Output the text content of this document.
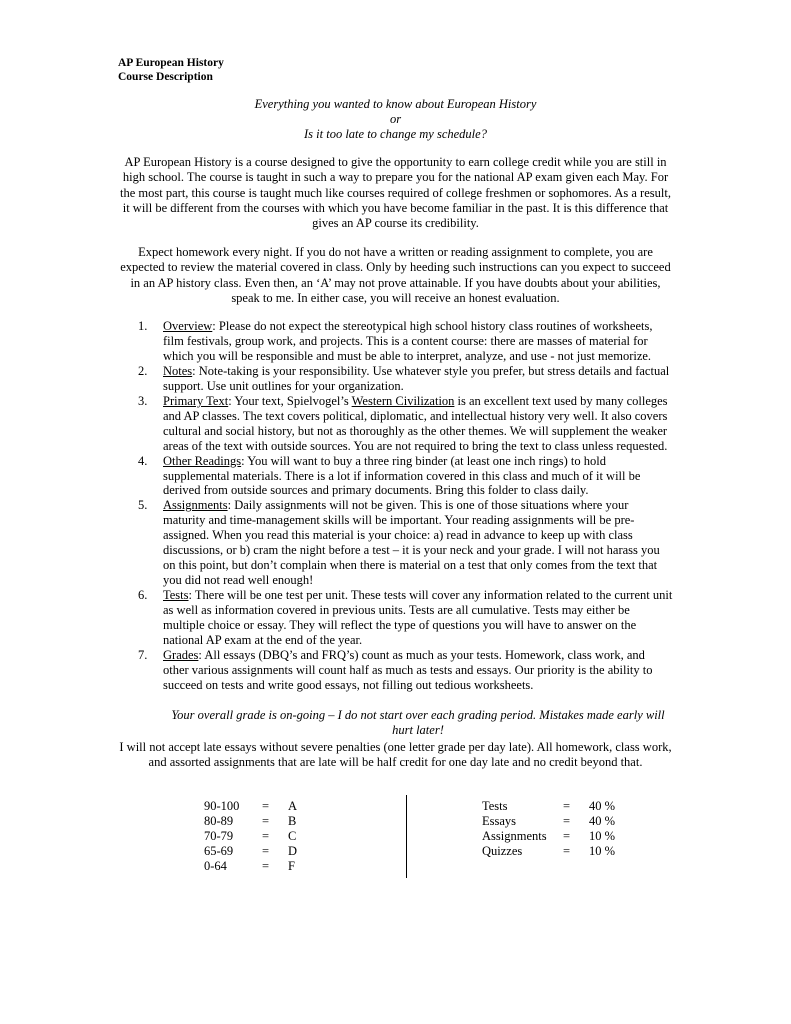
AP European History
Course Description
Everything you wanted to know about European History
or
Is it too late to change my schedule?
AP European History is a course designed to give the opportunity to earn college credit while you are still in high school. The course is taught in such a way to prepare you for the national AP exam given each May. For the most part, this course is taught much like courses required of college freshmen or sophomores. As a result, it will be different from the courses with which you have become familiar in the past. It is this difference that gives an AP course its credibility.
Expect homework every night. If you do not have a written or reading assignment to complete, you are expected to review the material covered in class. Only by heeding such instructions can you expect to succeed in an AP history class. Even then, an ‘A’ may not prove attainable. If you have doubts about your abilities, speak to me. In either case, you will receive an honest evaluation.
1. Overview: Please do not expect the stereotypical high school history class routines of worksheets, film festivals, group work, and projects. This is a content course: there are masses of material for which you will be responsible and must be able to interpret, analyze, and use - not just memorize.
2. Notes: Note-taking is your responsibility. Use whatever style you prefer, but stress details and factual support. Use unit outlines for your organization.
3. Primary Text: Your text, Spielvogel’s Western Civilization is an excellent text used by many colleges and AP classes. The text covers political, diplomatic, and intellectual history very well. It also covers cultural and social history, but not as thoroughly as the other themes. We will supplement the weaker areas of the text with outside sources. You are not required to bring the text to class unless requested.
4. Other Readings: You will want to buy a three ring binder (at least one inch rings) to hold supplemental materials. There is a lot if information covered in this class and much of it will be derived from outside sources and primary documents. Bring this folder to class daily.
5. Assignments: Daily assignments will not be given. This is one of those situations where your maturity and time-management skills will be important. Your reading assignments will be pre-assigned. When you read this material is your choice: a) read in advance to keep up with class discussions, or b) cram the night before a test – it is your neck and your grade. I will not harass you on this point, but don’t complain when there is material on a test that only comes from the text that you did not read well enough!
6. Tests: There will be one test per unit. These tests will cover any information related to the current unit as well as information covered in previous units. Tests are all cumulative. Tests may either be multiple choice or essay. They will reflect the type of questions you will have to answer on the national AP exam at the end of the year.
7. Grades: All essays (DBQ’s and FRQ’s) count as much as your tests. Homework, class work, and other various assignments will count half as much as tests and essays. Our priority is the ability to succeed on tests and write good essays, not filling out tedious worksheets.
Your overall grade is on-going – I do not start over each grading period. Mistakes made early will hurt later!
I will not accept late essays without severe penalties (one letter grade per day late). All homework, class work, and assorted assignments that are late will be half credit for one day late and no credit beyond that.
90-100	=	A
80-89	=	B
70-79	=	C
65-69	=	D
0-64	=	F
Tests	=	40 %
Essays	=	40 %
Assignments	=	10 %
Quizzes	=	10 %
